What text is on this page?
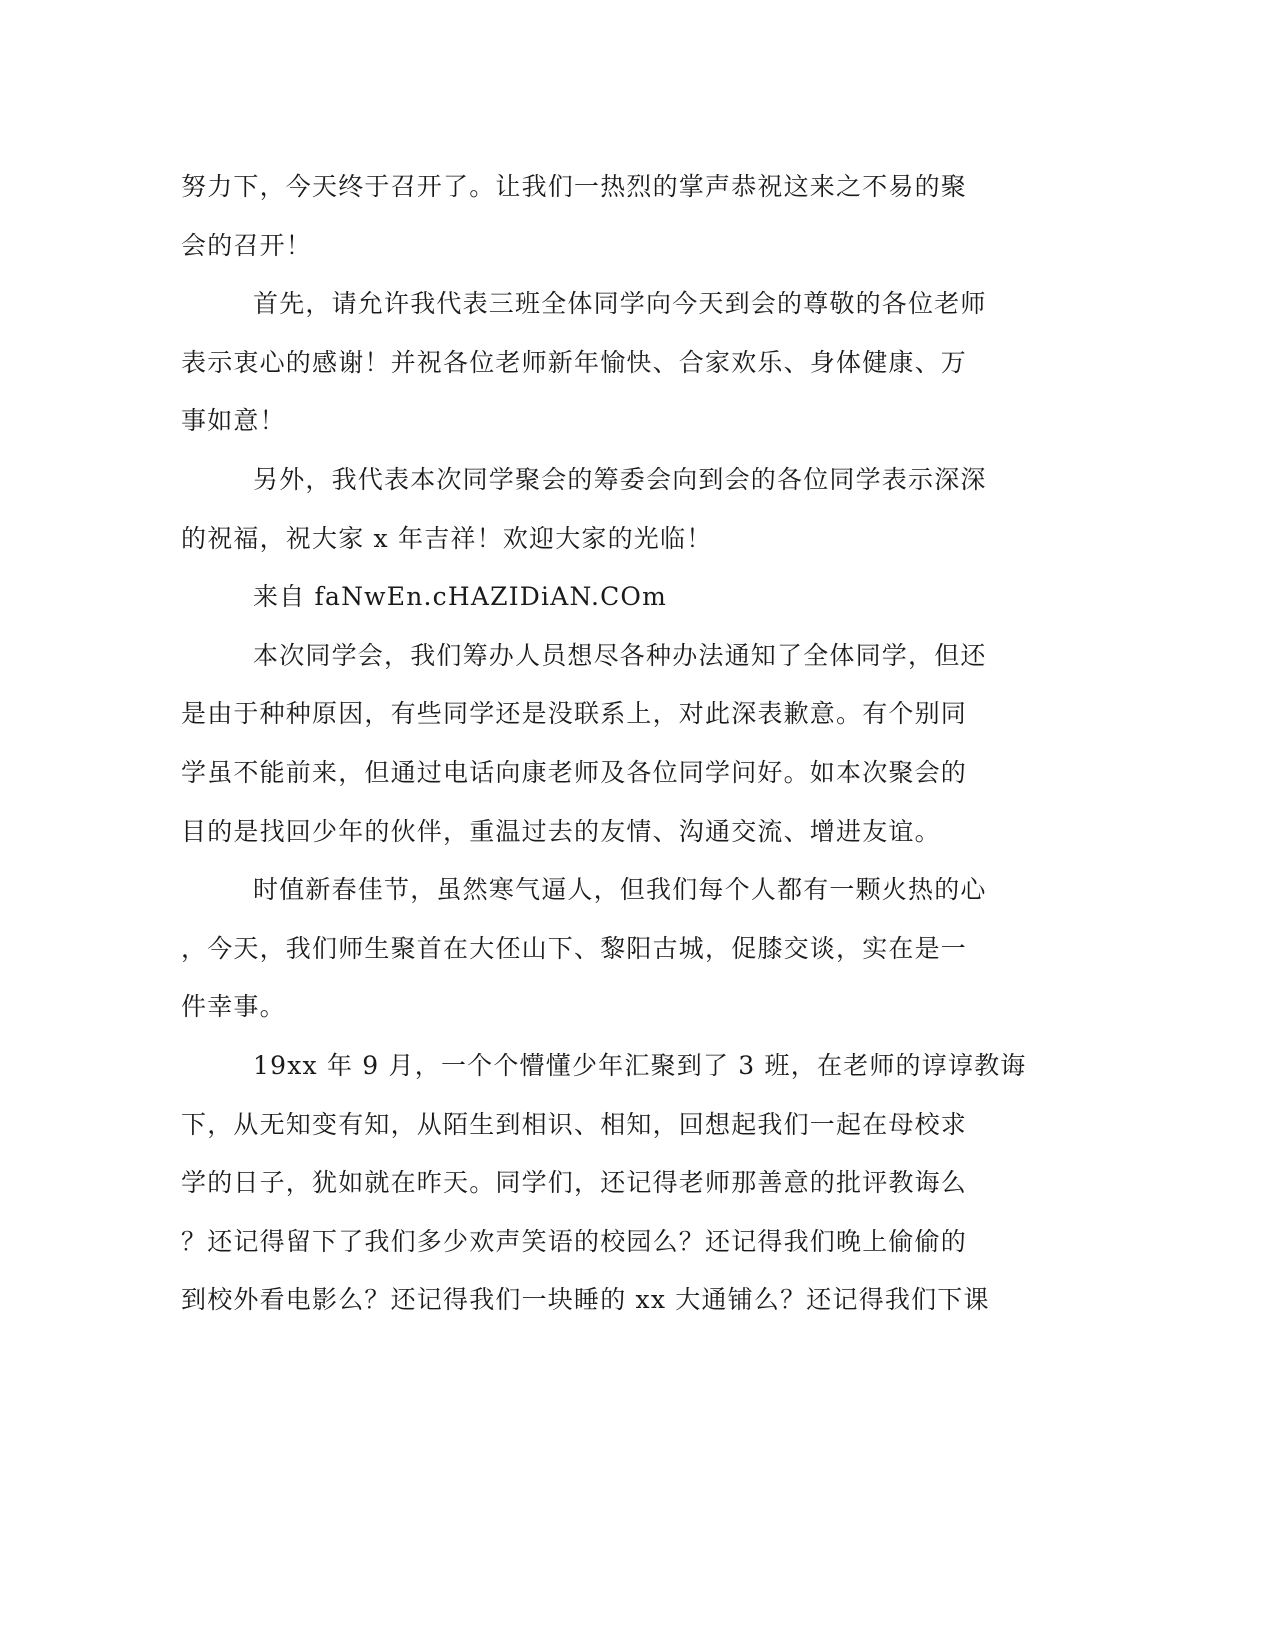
努力下，今天终于召开了。让我们一热烈的掌声恭祝这来之不易的聚
会的召开！
首先，请允许我代表三班全体同学向今天到会的尊敬的各位老师
表示衷心的感谢！并祝各位老师新年愉快、合家欢乐、身体健康、万
事如意！
另外，我代表本次同学聚会的筹委会向到会的各位同学表示深深
的祝福，祝大家 x 年吉祥！欢迎大家的光临！
来自 faNwEn.cHAZIDiAN.COm
本次同学会，我们筹办人员想尽各种办法通知了全体同学，但还
是由于种种原因，有些同学还是没联系上，对此深表歉意。有个别同
学虽不能前来，但通过电话向康老师及各位同学问好。如本次聚会的
目的是找回少年的伙伴，重温过去的友情、沟通交流、增进友谊。
时值新春佳节，虽然寒气逼人，但我们每个人都有一颗火热的心
，今天，我们师生聚首在大伾山下、黎阳古城，促膝交谈，实在是一
件幸事。
19xx 年 9 月，一个个懵懂少年汇聚到了 3 班，在老师的谆谆教诲
下，从无知变有知，从陌生到相识、相知，回想起我们一起在母校求
学的日子，犹如就在昨天。同学们，还记得老师那善意的批评教诲么
？还记得留下了我们多少欢声笑语的校园么？还记得我们晚上偷偷的
到校外看电影么？还记得我们一块睡的 xx 大通铺么？还记得我们下课
